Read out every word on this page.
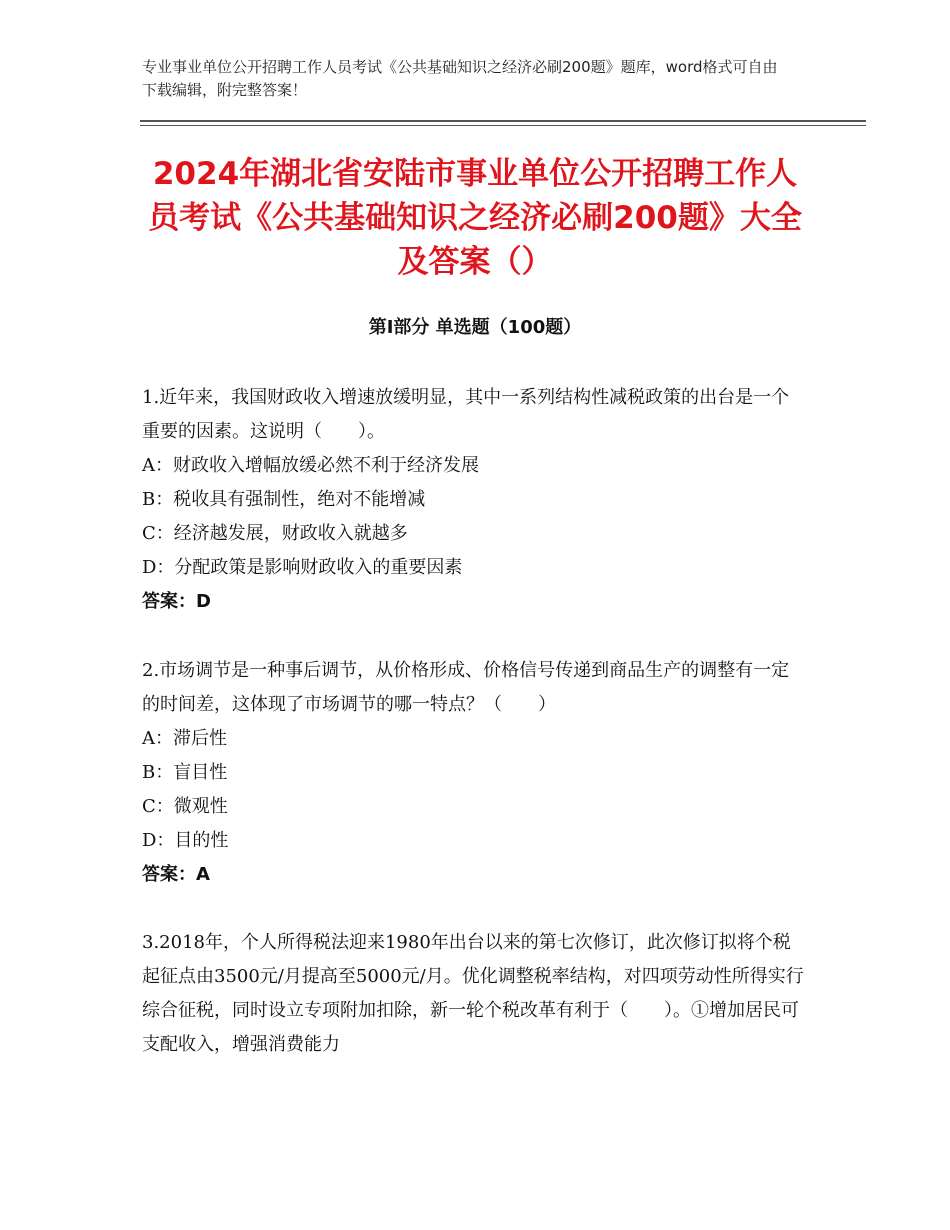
专业事业单位公开招聘工作人员考试《公共基础知识之经济必刷200题》题库，word格式可自由下载编辑，附完整答案！
2024年湖北省安陆市事业单位公开招聘工作人员考试《公共基础知识之经济必刷200题》大全及答案（）
第Ⅰ部分 单选题（100题）
1.近年来，我国财政收入增速放缓明显，其中一系列结构性减税政策的出台是一个重要的因素。这说明（　　）。
A：财政收入增幅放缓必然不利于经济发展
B：税收具有强制性，绝对不能增减
C：经济越发展，财政收入就越多
D：分配政策是影响财政收入的重要因素
答案：D
2.市场调节是一种事后调节，从价格形成、价格信号传递到商品生产的调整有一定的时间差，这体现了市场调节的哪一特点？（　　）
A：滞后性
B：盲目性
C：微观性
D：目的性
答案：A
3.2018年，个人所得税法迎来1980年出台以来的第七次修订，此次修订拟将个税起征点由3500元/月提高至5000元/月。优化调整税率结构，对四项劳动性所得实行综合征税，同时设立专项附加扣除，新一轮个税改革有利于（　　）。①增加居民可支配收入，增强消费能力
